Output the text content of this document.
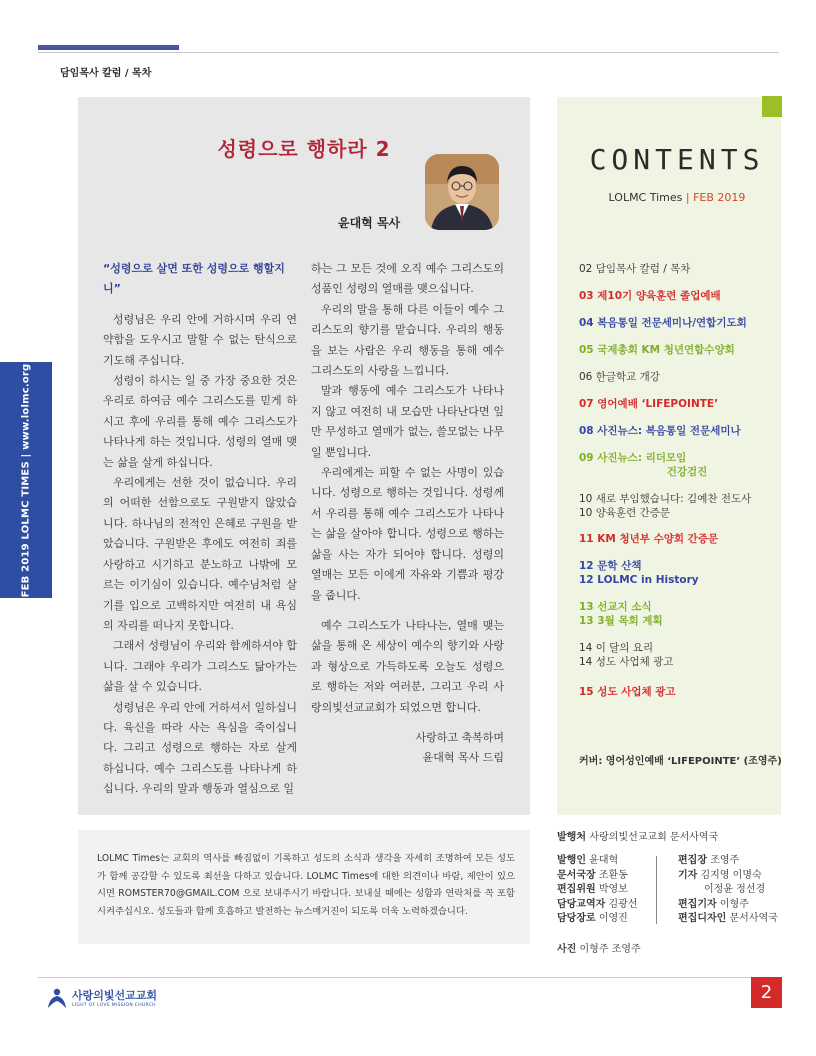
담임목사 칼럼 / 목차
FEB 2019 LOLMC TIMES | www.lolmc.org
성령으로 행하라 2
윤대혁 목사

“성령으로 살면 또한 성령으로 행할지니”

성령님은 우리 안에 거하시며 우리 연약함을 도우시고 말할 수 없는 탄식으로 기도해 주십니다.

성령이 하시는 일 중 가장 중요한 것은 우리로 하여금 예수 그리스도를 믿게 하시고 후에 우리를 통해 예수 그리스도가 나타나게 하는 것입니다. 성령의 열매 맺는 삶을 살게 하십니다.

우리에게는 선한 것이 없습니다. 우리의 어떠한 선함으로도 구원받지 않았습니다. 하나님의 전적인 은혜로 구원을 받았습니다. 구원받은 후에도 여전히 죄를 사랑하고 시기하고 분노하고 나밖에 모르는 이기심이 있습니다. 예수님처럼 살기를 입으로 고백하지만 여전히 내 욕심의 자리를 떠나지 못합니다.

그래서 성령님이 우리와 함께하셔야 합니다. 그래야 우리가 그리스도 닮아가는 삶을 살 수 있습니다.

성령님은 우리 안에 거하셔서 일하십니다. 육신을 따라 사는 욕심을 죽이십니다. 그리고 성령으로 행하는 자로 살게 하십니다. 예수 그리스도를 나타나게 하십니다. 우리의 말과 행동과 열심으로 일

하는 그 모든 것에 오직 예수 그리스도의 성품인 성령의 열매를 맺으십니다.

우리의 말을 통해 다른 이들이 예수 그리스도의 향기를 맡습니다. 우리의 행동을 보는 사람은 우리 행동을 통해 예수 그리스도의 사랑을 느낍니다.

말과 행동에 예수 그리스도가 나타나지 않고 여전히 내 모습만 나타난다면 잎만 무성하고 열매가 없는, 쓸모없는 나무일 뿐입니다.

우리에게는 피할 수 없는 사명이 있습니다. 성령으로 행하는 것입니다. 성령께서 우리를 통해 예수 그리스도가 나타나는 삶을 살아야 합니다. 성령으로 행하는 삶을 사는 자가 되어야 합니다. 성령의 열매는 모든 이에게 자유와 기쁨과 평강을 줍니다.

예수 그리스도가 나타나는, 열매 맺는 삶을 통해 온 세상이 예수의 향기와 사랑과 형상으로 가득하도록 오늘도 성령으로 행하는 저와 여러분, 그리고 우리 사랑의빛선교교회가 되었으면 합니다.

사랑하고 축복하며

윤대혁 목사 드림

CONTENTS
LOLMC Times | FEB 2019
02 담임목사 칼럼 / 목차
03 제10기 양육훈련 졸업예배
04 복음통일 전문세미나/연합기도회
05 국제총회 KM 청년연합수양회
06 한글학교 개강
07 영어예배 ‘LIFEPOINTE’
08 사진뉴스: 복음통일 전문세미나
09 사진뉴스: 리더모임
건강검진
10 새로 부임했습니다: 김예찬 전도사
10 양육훈련 간증문
11 KM 청년부 수양회 간증문
12 문학 산책
12 LOLMC in History
13 선교지 소식
13 3월 목회 계획
14 이 달의 요리
14 성도 사업체 광고
15 성도 사업체 광고
커버: 영어성인예배 ‘LIFEPOINTE’ (조영주)
LOLMC Times는 교회의 역사를 빠짐없이 기록하고 성도의 소식과 생각을 자세히 조명하여 모든 성도가 함께 공감할 수 있도록 최선을 다하고 있습니다. LOLMC Times에 대한 의견이나 바람, 제안이 있으시면 ROMSTER70@GMAIL.COM 으로 보내주시기 바랍니다. 보내실 때에는 성함과 연락처를 꼭 포함시켜주십시오. 성도들과 함께 호흡하고 발전하는 뉴스매거진이 되도록 더욱 노력하겠습니다.
발행처 사랑의빛선교교회 문서사역국
발행인 윤대혁
문서국장 조환동
편집위원 박영보
담당교역자 김광선
담당장로 이영진
편집장 조영주
기자 김지영 이명숙
이정윤 정선경
편집기자 이형주
편집디자인 문서사역국
사진 이형주 조영주
사랑의빛선교교회
LIGHT OF LOVE MISSION CHURCH
2
